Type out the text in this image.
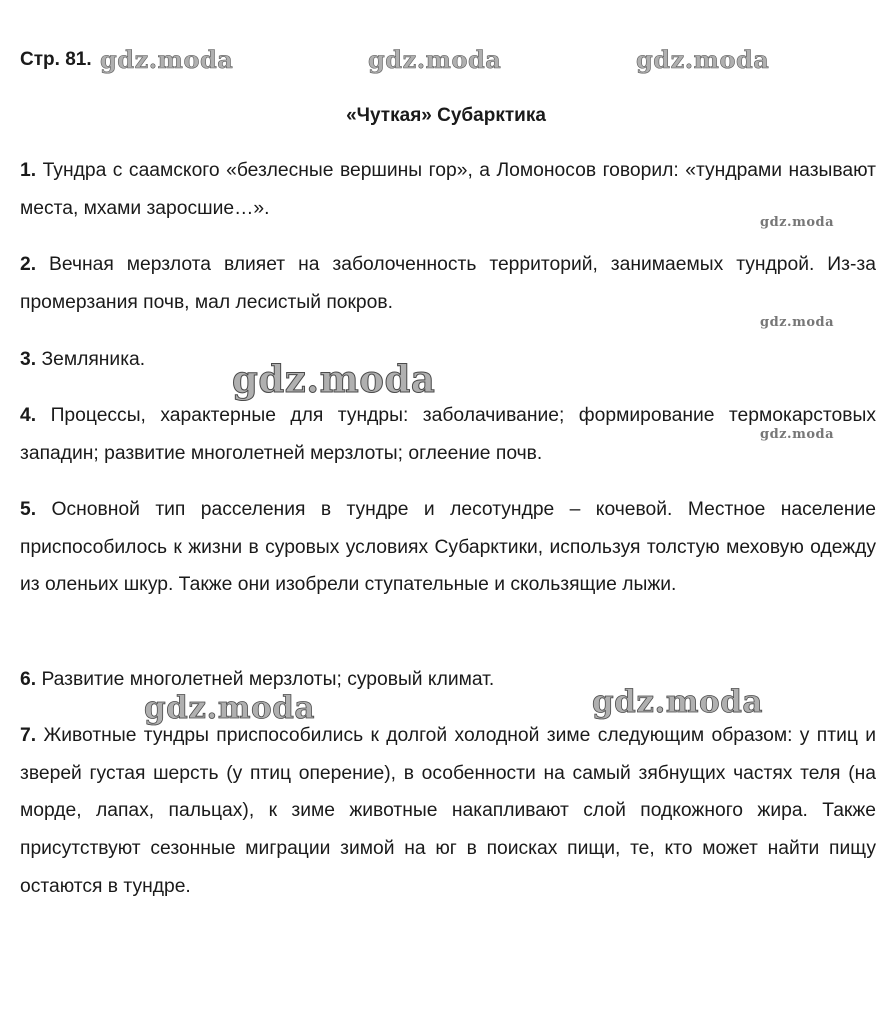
Стр. 81. gdz.moda	gdz.moda	gdz.moda
«Чуткая» Субарктика

1. Тундра с саамского «безлесные вершины гор», а Ломоносов говорил: «тундрами называют места, мхами заросшие…».

gdz.moda

2. Вечная мерзлота влияет на заболоченность территорий, занимаемых тундрой. Из-за промерзания почв, мал лесистый покров.

gdz.moda

3. Земляника.	gdz.moda

4. Процессы, характерные для тундры: заболачивание; формирование термокарстовых западин; развитие многолетней мерзлоты; оглеение почв.

gdz.moda

5. Основной тип расселения в тундре и лесотундре – кочевой. Местное население приспособилось к жизни в суровых условиях Субарктики, используя толстую меховую одежду из оленьих шкур. Также они изобрели ступательные и скользящие лыжи.

6. Развитие многолетней мерзлоты; суровый климат.

gdz.moda	gdz.moda

7. Животные тундры приспособились к долгой холодной зиме следующим образом: у птиц и зверей густая шерсть (у птиц оперение), в особенности на самый зябнущих частях теля (на морде, лапах, пальцах), к зиме животные накапливают слой подкожного жира. Также присутствуют сезонные миграции зимой на юг в поисках пищи, те, кто может найти пищу остаются в тундре.
